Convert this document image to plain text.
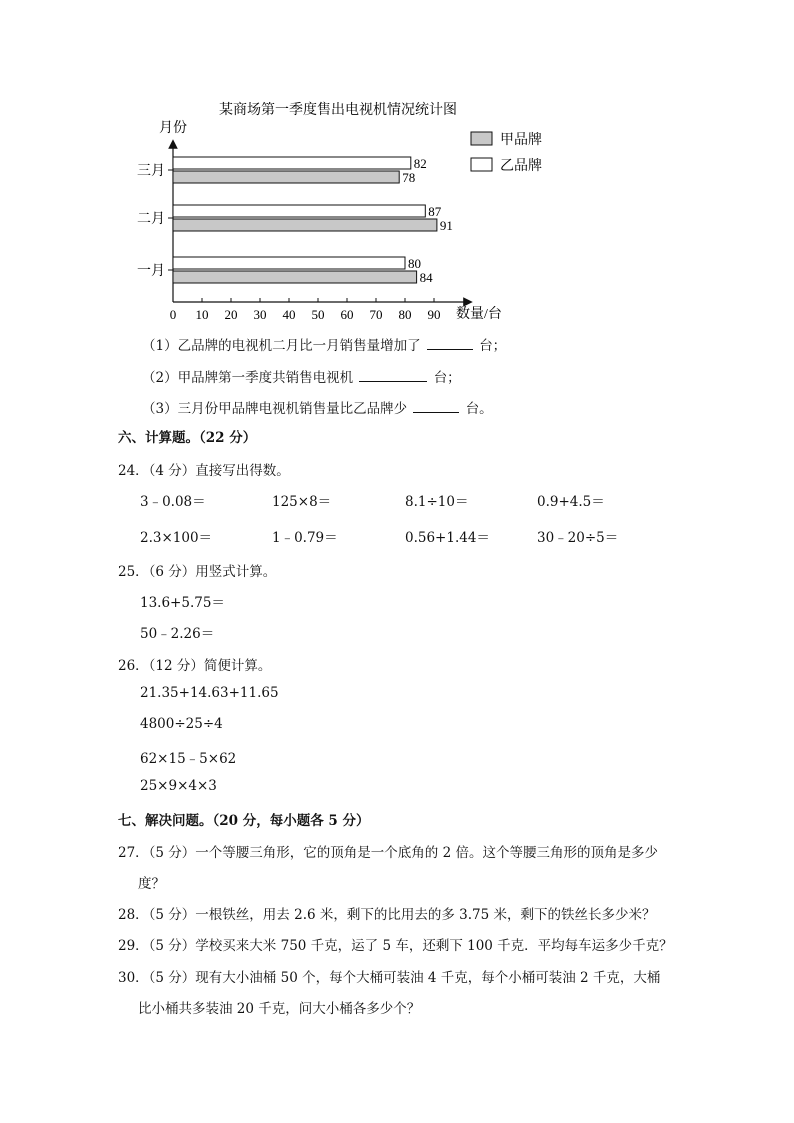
某商场第一季度售出电视机情况统计图
月份
数量/台
0 10 20 30 40 50 60 70 80 90
一月
80
84
二月
87
91
三月
82
78
甲品牌
乙品牌
（1）乙品牌的电视机二月比一月销售量增加了	台；
（2）甲品牌第一季度共销售电视机	台；
（3）三月份甲品牌电视机销售量比乙品牌少	台。
六、计算题。（22 分）
24．（4 分）直接写出得数。
3﹣0.08＝	125×8＝	8.1÷10＝	0.9+4.5＝
2.3×100＝	1﹣0.79＝	0.56+1.44＝	30﹣20÷5＝
25．（6 分）用竖式计算。
13.6+5.75＝
50﹣2.26＝
26．（12 分）简便计算。
21.35+14.63+11.65
4800÷25÷4
62×15﹣5×62
25×9×4×3
七、解决问题。（20 分，每小题各 5 分）
27．（5 分）一个等腰三角形，它的顶角是一个底角的 2 倍。这个等腰三角形的顶角是多少
度？
28．（5 分）一根铁丝，用去 2.6 米，剩下的比用去的多 3.75 米，剩下的铁丝长多少米？
29．（5 分）学校买来大米 750 千克，运了 5 车，还剩下 100 千克．平均每车运多少千克？
30．（5 分）现有大小油桶 50 个，每个大桶可装油 4 千克，每个小桶可装油 2 千克，大桶
比小桶共多装油 20 千克，问大小桶各多少个？
